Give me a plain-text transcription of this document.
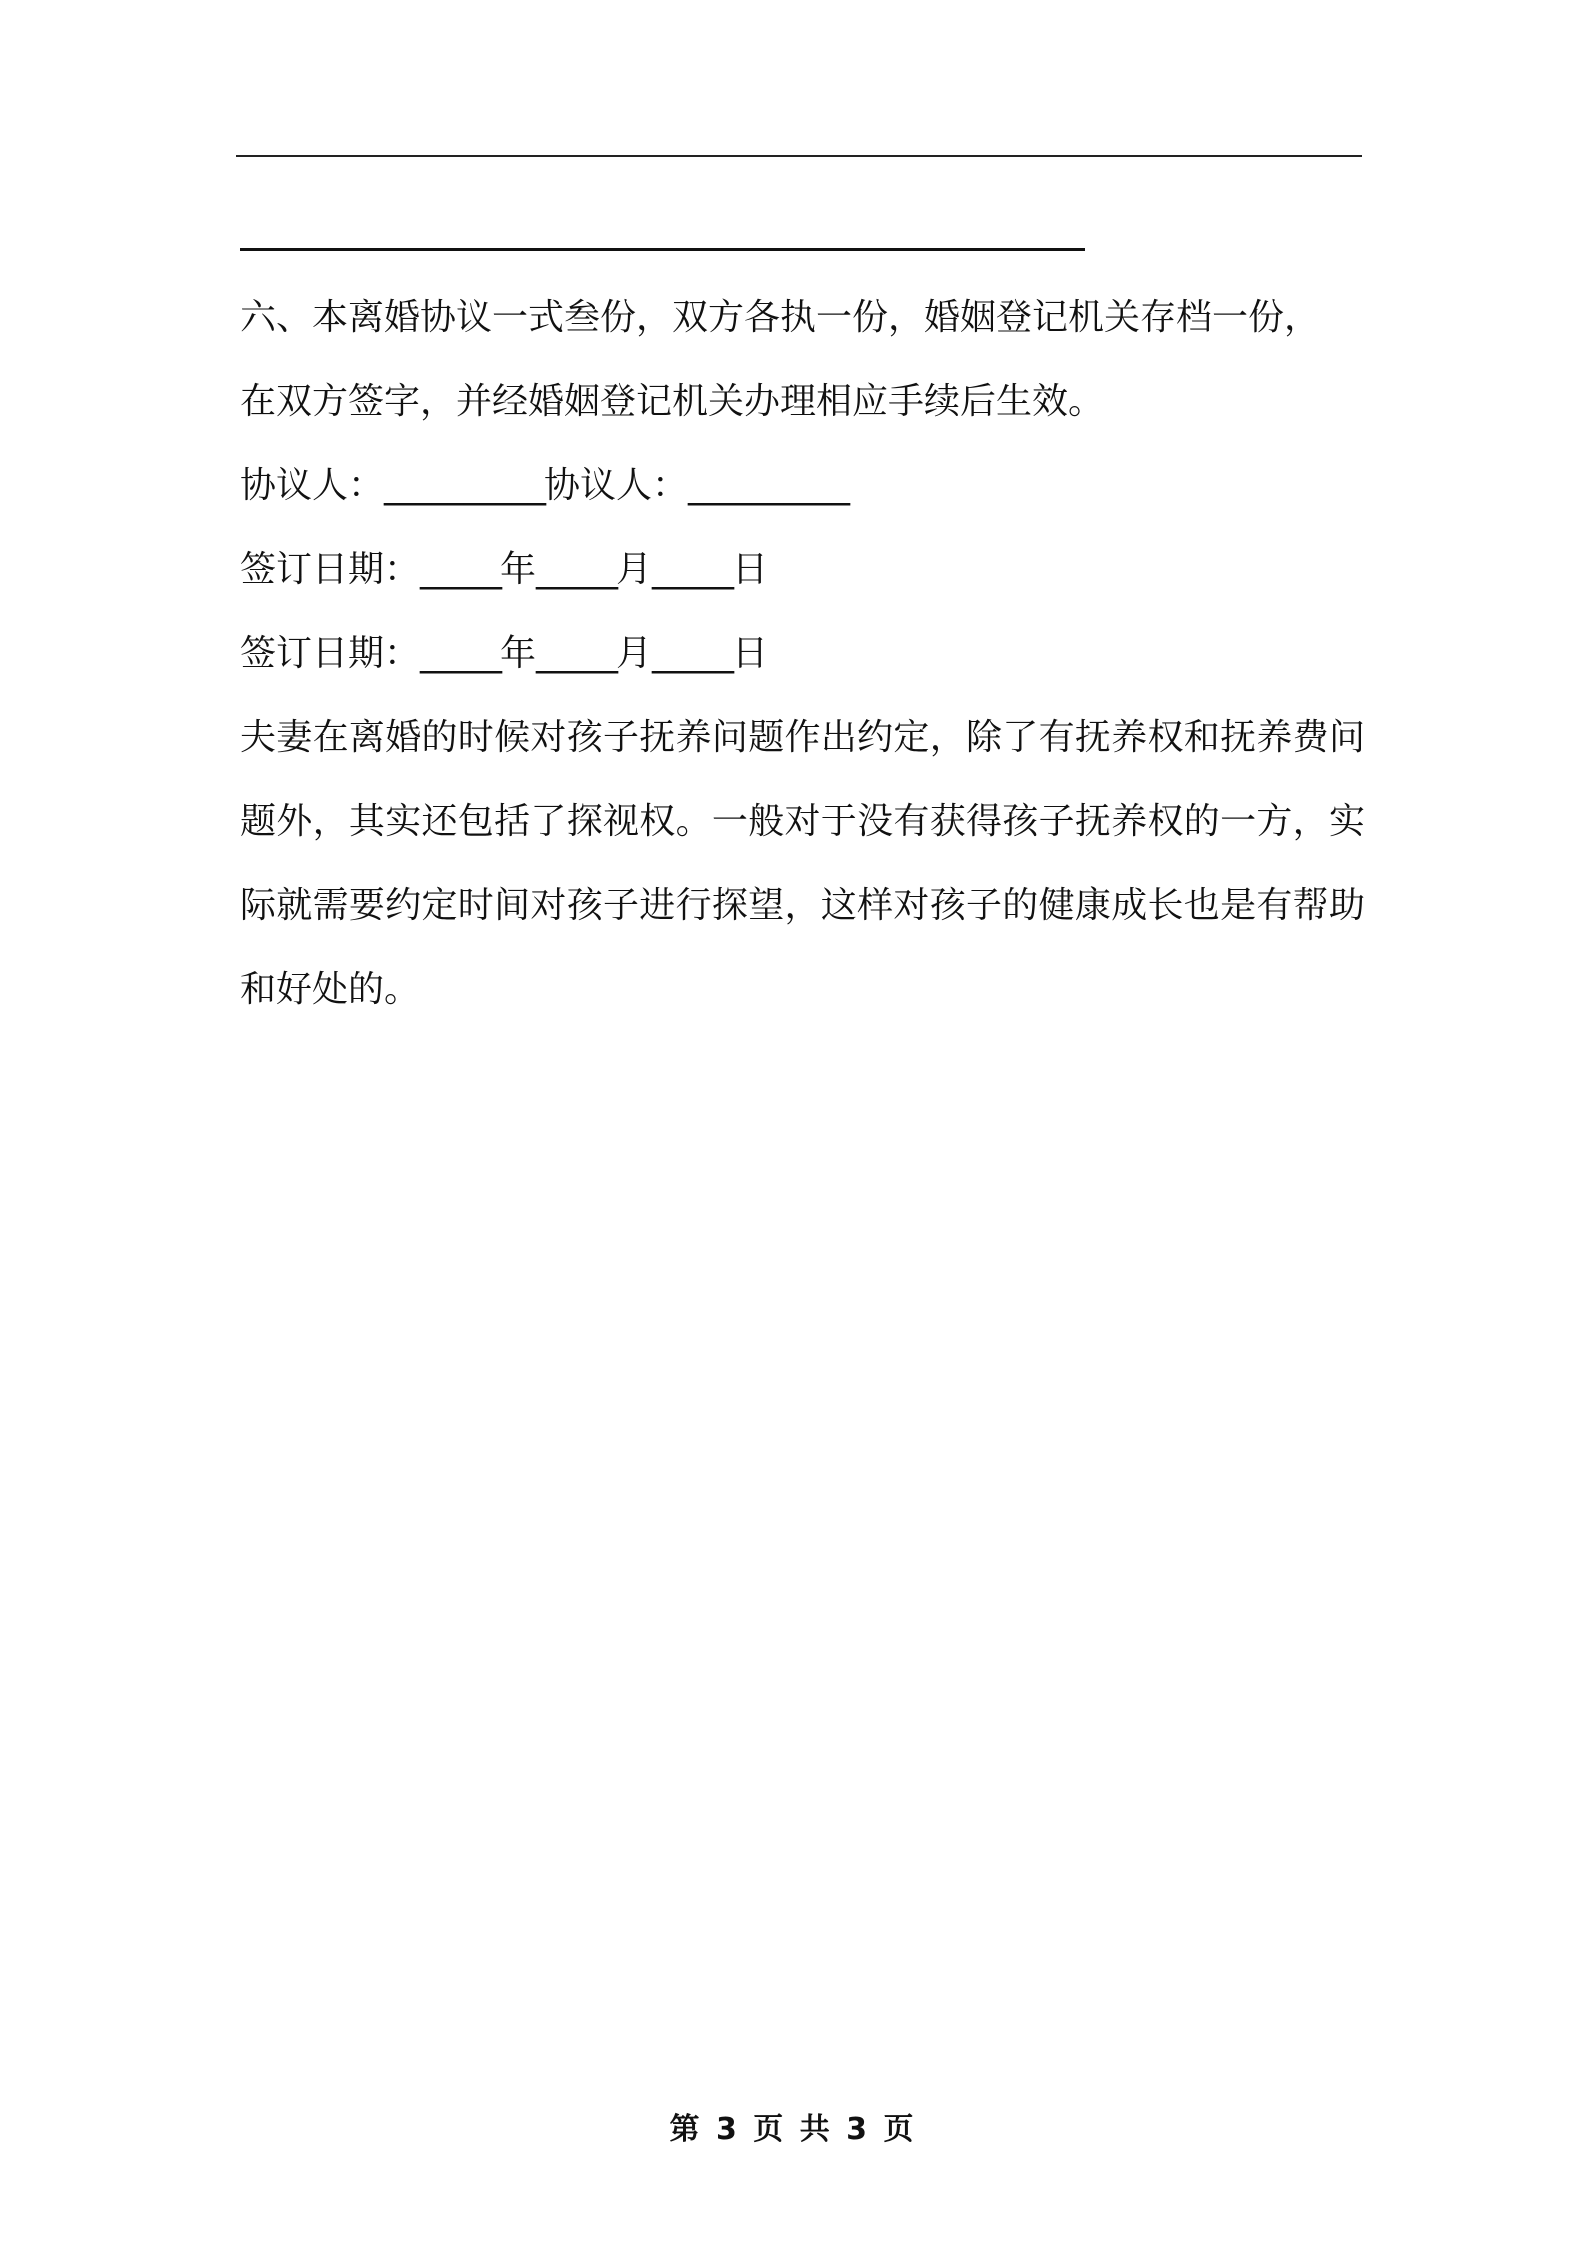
六、本离婚协议一式叁份，双方各执一份，婚姻登记机关存档一份，

在双方签字，并经婚姻登记机关办理相应手续后生效。

协议人：__________协议人：__________

签订日期：_____年_____月_____日

签订日期：_____年_____月_____日

夫妻在离婚的时候对孩子抚养问题作出约定，除了有抚养权和抚养费问题外，其实还包括了探视权。一般对于没有获得孩子抚养权的一方，实际就需要约定时间对孩子进行探望，这样对孩子的健康成长也是有帮助和好处的。

第 3 页 共 3 页
